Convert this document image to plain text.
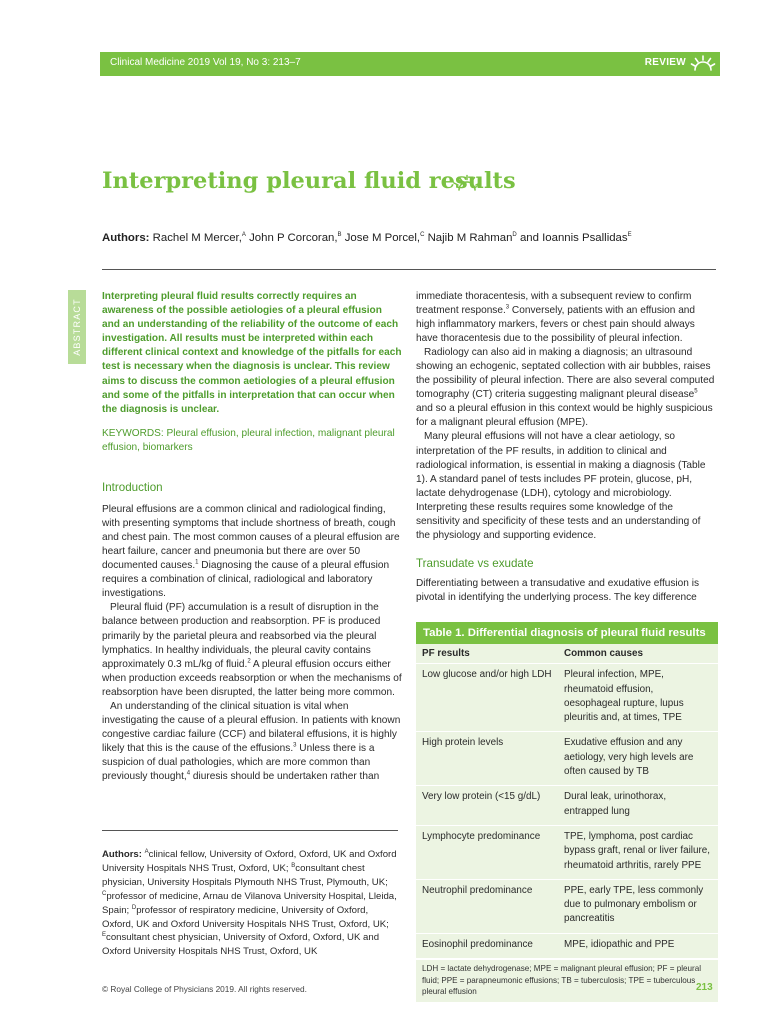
Clinical Medicine 2019 Vol 19, No 3: 213–7	REVIEW
Interpreting pleural fluid results
Authors: Rachel M Mercer,$^A$ John P Corcoran,$^B$ Jose M Porcel,$^C$ Najib M Rahman$^D$ and Ioannis Psallidas$^E$
ABSTRACT
Interpreting pleural fluid results correctly requires an awareness of the possible aetiologies of a pleural effusion and an understanding of the reliability of the outcome of each investigation. All results must be interpreted within each different clinical context and knowledge of the pitfalls for each test is necessary when the diagnosis is unclear. This review aims to discuss the common aetiologies of a pleural effusion and some of the pitfalls in interpretation that can occur when the diagnosis is unclear.
KEYWORDS: Pleural effusion, pleural infection, malignant pleural effusion, biomarkers
Introduction

Pleural effusions are a common clinical and radiological finding, with presenting symptoms that include shortness of breath, cough and chest pain. The most common causes of a pleural effusion are heart failure, cancer and pneumonia but there are over 50 documented causes.$^1$ Diagnosing the cause of a pleural effusion requires a combination of clinical, radiological and laboratory investigations.

Pleural fluid (PF) accumulation is a result of disruption in the balance between production and reabsorption. PF is produced primarily by the parietal pleura and reabsorbed via the pleural lymphatics. In healthy individuals, the pleural cavity contains approximately 0.3 mL/kg of fluid.$^2$ A pleural effusion occurs either when production exceeds reabsorption or when the mechanisms of reabsorption have been disrupted, the latter being more common.

An understanding of the clinical situation is vital when investigating the cause of a pleural effusion. In patients with known congestive cardiac failure (CCF) and bilateral effusions, it is highly likely that this is the cause of the effusions.$^3$ Unless there is a suspicion of dual pathologies, which are more common than previously thought,$^4$ diuresis should be undertaken rather than

Authors: $^A$clinical fellow, University of Oxford, Oxford, UK and Oxford University Hospitals NHS Trust, Oxford, UK; $^B$consultant chest physician, University Hospitals Plymouth NHS Trust, Plymouth, UK; $^C$professor of medicine, Arnau de Vilanova University Hospital, Lleida, Spain; $^D$professor of respiratory medicine, University of Oxford, Oxford, UK and Oxford University Hospitals NHS Trust, Oxford, UK; $^E$consultant chest physician, University of Oxford, Oxford, UK and Oxford University Hospitals NHS Trust, Oxford, UK

immediate thoracentesis, with a subsequent review to confirm treatment response.$^3$ Conversely, patients with an effusion and high inflammatory markers, fevers or chest pain should always have thoracentesis due to the possibility of pleural infection.

Radiology can also aid in making a diagnosis; an ultrasound showing an echogenic, septated collection with air bubbles, raises the possibility of pleural infection. There are also several computed tomography (CT) criteria suggesting malignant pleural disease$^5$ and so a pleural effusion in this context would be highly suspicious for a malignant pleural effusion (MPE).

Many pleural effusions will not have a clear aetiology, so interpretation of the PF results, in addition to clinical and radiological information, is essential in making a diagnosis (Table 1). A standard panel of tests includes PF protein, glucose, pH, lactate dehydrogenase (LDH), cytology and microbiology. Interpreting these results requires some knowledge of the sensitivity and specificity of these tests and an understanding of the physiology and supporting evidence.

Transudate vs exudate

Differentiating between a transudative and exudative effusion is pivotal in identifying the underlying process. The key difference

Table 1. Differential diagnosis of pleural fluid results
PF results	Common causes
Low glucose and/or high LDH	Pleural infection, MPE, rheumatoid effusion, oesophageal rupture, lupus pleuritis and, at times, TPE
High protein levels	Exudative effusion and any aetiology, very high levels are often caused by TB
Very low protein (<15 g/dL)	Dural leak, urinothorax, entrapped lung
Lymphocyte predominance	TPE, lymphoma, post cardiac bypass graft, renal or liver failure, rheumatoid arthritis, rarely PPE
Neutrophil predominance	PPE, early TPE, less commonly due to pulmonary embolism or pancreatitis
Eosinophil predominance	MPE, idiopathic and PPE
LDH = lactate dehydrogenase; MPE = malignant pleural effusion; PF = pleural fluid; PPE = parapneumonic effusions; TB = tuberculosis; TPE = tuberculous pleural effusion
© Royal College of Physicians 2019. All rights reserved.	213
